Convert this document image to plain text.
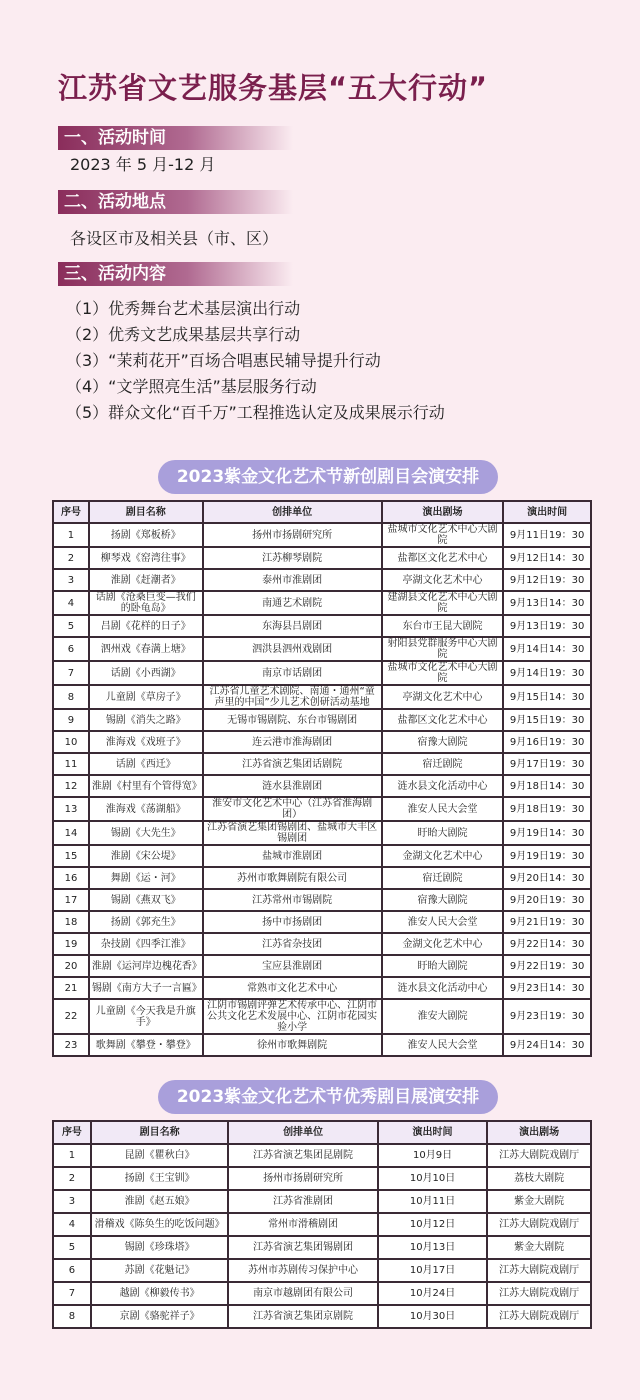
江苏省文艺服务基层“五大行动”
一、活动时间
2023 年 5 月-12 月
二、活动地点
各设区市及相关县（市、区）
三、活动内容
（1）优秀舞台艺术基层演出行动
（2）优秀文艺成果基层共享行动
（3）“茉莉花开”百场合唱惠民辅导提升行动
（4）“文学照亮生活”基层服务行动
（5）群众文化“百千万”工程推选认定及成果展示行动
2023紫金文化艺术节新创剧目会演安排
序号	剧目名称	创排单位	演出剧场	演出时间
1	扬剧《郑板桥》	扬州市扬剧研究所	盐城市文化艺术中心大剧院	9月11日19：30
2	柳琴戏《窑湾往事》	江苏柳琴剧院	盐都区文化艺术中心	9月12日14：30
3	淮剧《赶潮者》	泰州市淮剧团	亭湖文化艺术中心	9月12日19：30
4	话剧《沧桑巨变—我们的卧龟岛》	南通艺术剧院	建湖县文化艺术中心大剧院	9月13日14：30
5	吕剧《花样的日子》	东海县吕剧团	东台市王昆大剧院	9月13日19：30
6	泗州戏《春满上塘》	泗洪县泗州戏剧团	射阳县党群服务中心大剧院	9月14日14：30
7	话剧《小西湖》	南京市话剧团	盐城市文化艺术中心大剧院	9月14日19：30
8	儿童剧《草房子》	江苏省儿童艺术剧院、南通・通州“童声里的中国”少儿艺术创研活动基地	亭湖文化艺术中心	9月15日14：30
9	锡剧《消失之路》	无锡市锡剧院、东台市锡剧团	盐都区文化艺术中心	9月15日19：30
10	淮海戏《戏班子》	连云港市淮海剧团	宿豫大剧院	9月16日19：30
11	话剧《西迁》	江苏省演艺集团话剧院	宿迁剧院	9月17日19：30
12	淮剧《村里有个管得宽》	涟水县淮剧团	涟水县文化活动中心	9月18日14：30
13	淮海戏《荡湖船》	淮安市文化艺术中心（江苏省淮海剧团）	淮安人民大会堂	9月18日19：30
14	锡剧《大先生》	江苏省演艺集团锡剧团、盐城市大丰区锡剧团	盱眙大剧院	9月19日14：30
15	淮剧《宋公堤》	盐城市淮剧团	金湖文化艺术中心	9月19日19：30
16	舞剧《运・河》	苏州市歌舞剧院有限公司	宿迁剧院	9月20日14：30
17	锡剧《燕双飞》	江苏常州市锡剧院	宿豫大剧院	9月20日19：30
18	扬剧《郭充生》	扬中市扬剧团	淮安人民大会堂	9月21日19：30
19	杂技剧《四季江淮》	江苏省杂技团	金湖文化艺术中心	9月22日14：30
20	淮剧《运河岸边槐花香》	宝应县淮剧团	盱眙大剧院	9月22日19：30
21	锡剧《南方大子一言匾》	常熟市文化艺术中心	涟水县文化活动中心	9月23日14：30
22	儿童剧《今天我是升旗手》	江阴市锡剧评弹艺术传承中心、江阴市公共文化艺术发展中心、江阴市花园实验小学	淮安大剧院	9月23日19：30
23	歌舞剧《攀登・攀登》	徐州市歌舞剧院	淮安人民大会堂	9月24日14：30
2023紫金文化艺术节优秀剧目展演安排
序号	剧目名称	创排单位	演出时间	演出剧场
1	昆剧《瞿秋白》	江苏省演艺集团昆剧院	10月9日	江苏大剧院戏剧厅
2	扬剧《王宝钏》	扬州市扬剧研究所	10月10日	荔枝大剧院
3	淮剧《赵五娘》	江苏省淮剧团	10月11日	紫金大剧院
4	滑稽戏《陈奂生的吃饭问题》	常州市滑稽剧团	10月12日	江苏大剧院戏剧厅
5	锡剧《珍珠塔》	江苏省演艺集团锡剧团	10月13日	紫金大剧院
6	苏剧《花魁记》	苏州市苏剧传习保护中心	10月17日	江苏大剧院戏剧厅
7	越剧《柳毅传书》	南京市越剧团有限公司	10月24日	江苏大剧院戏剧厅
8	京剧《骆驼祥子》	江苏省演艺集团京剧院	10月30日	江苏大剧院戏剧厅
